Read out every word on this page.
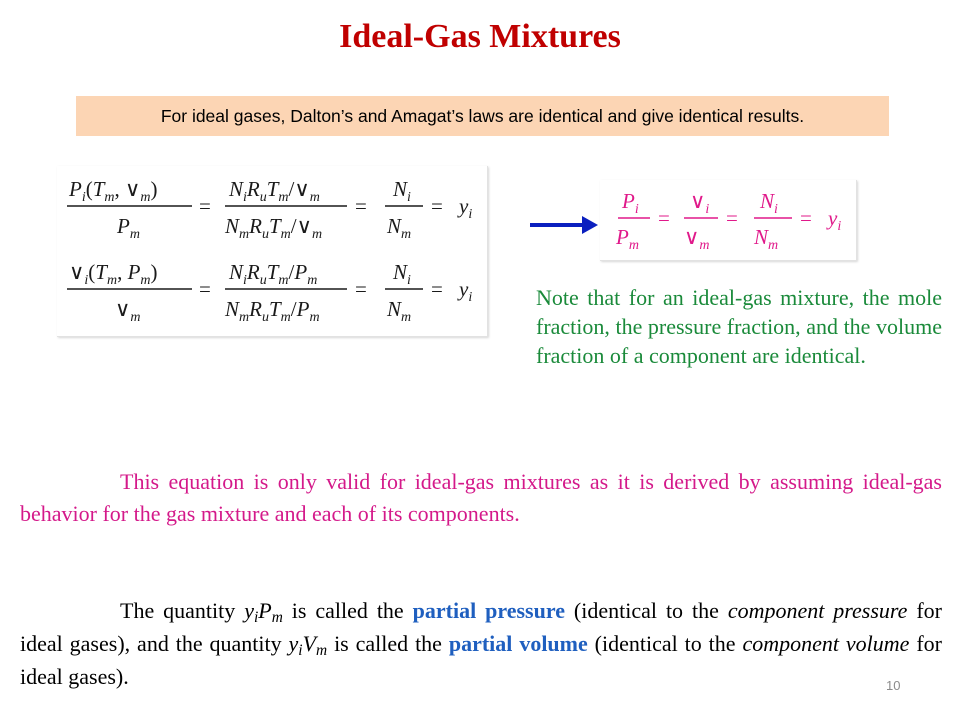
Ideal-Gas Mixtures
For ideal gases, Dalton’s and Amagat’s laws are identical and give identical results.
$P_i(T_m$, $\vee_m$)
$P_m$
=
$N_iR_uT_m/\vee_m$
$N_mR_uT_m/\vee_m$
=
$N_i$
$N_m$
= $y_i$
$\vee_i(T_m$, $P_m$)
$\vee_m$
=
$N_iR_uT_m/P_m$
$N_mR_uT_m/P_m$
=
$N_i$
$N_m$
= $y_i$
$P_i$
$P_m$
=
$\vee_i$
$\vee_m$
=
$N_i$
$N_m$
= $y_i$
Note that for an ideal-gas mixture, the mole fraction, the pressure fraction, and the volume fraction of a component are identical.
This equation is only valid for ideal-gas mixtures as it is derived by assuming ideal-gas behavior for the gas mixture and each of its components.
The quantity $y_iP_m$ is called the partial pressure (identical to the component pressure for ideal gases), and the quantity $y_iV_m$ is called the partial volume (identical to the component volume for ideal gases).	10
